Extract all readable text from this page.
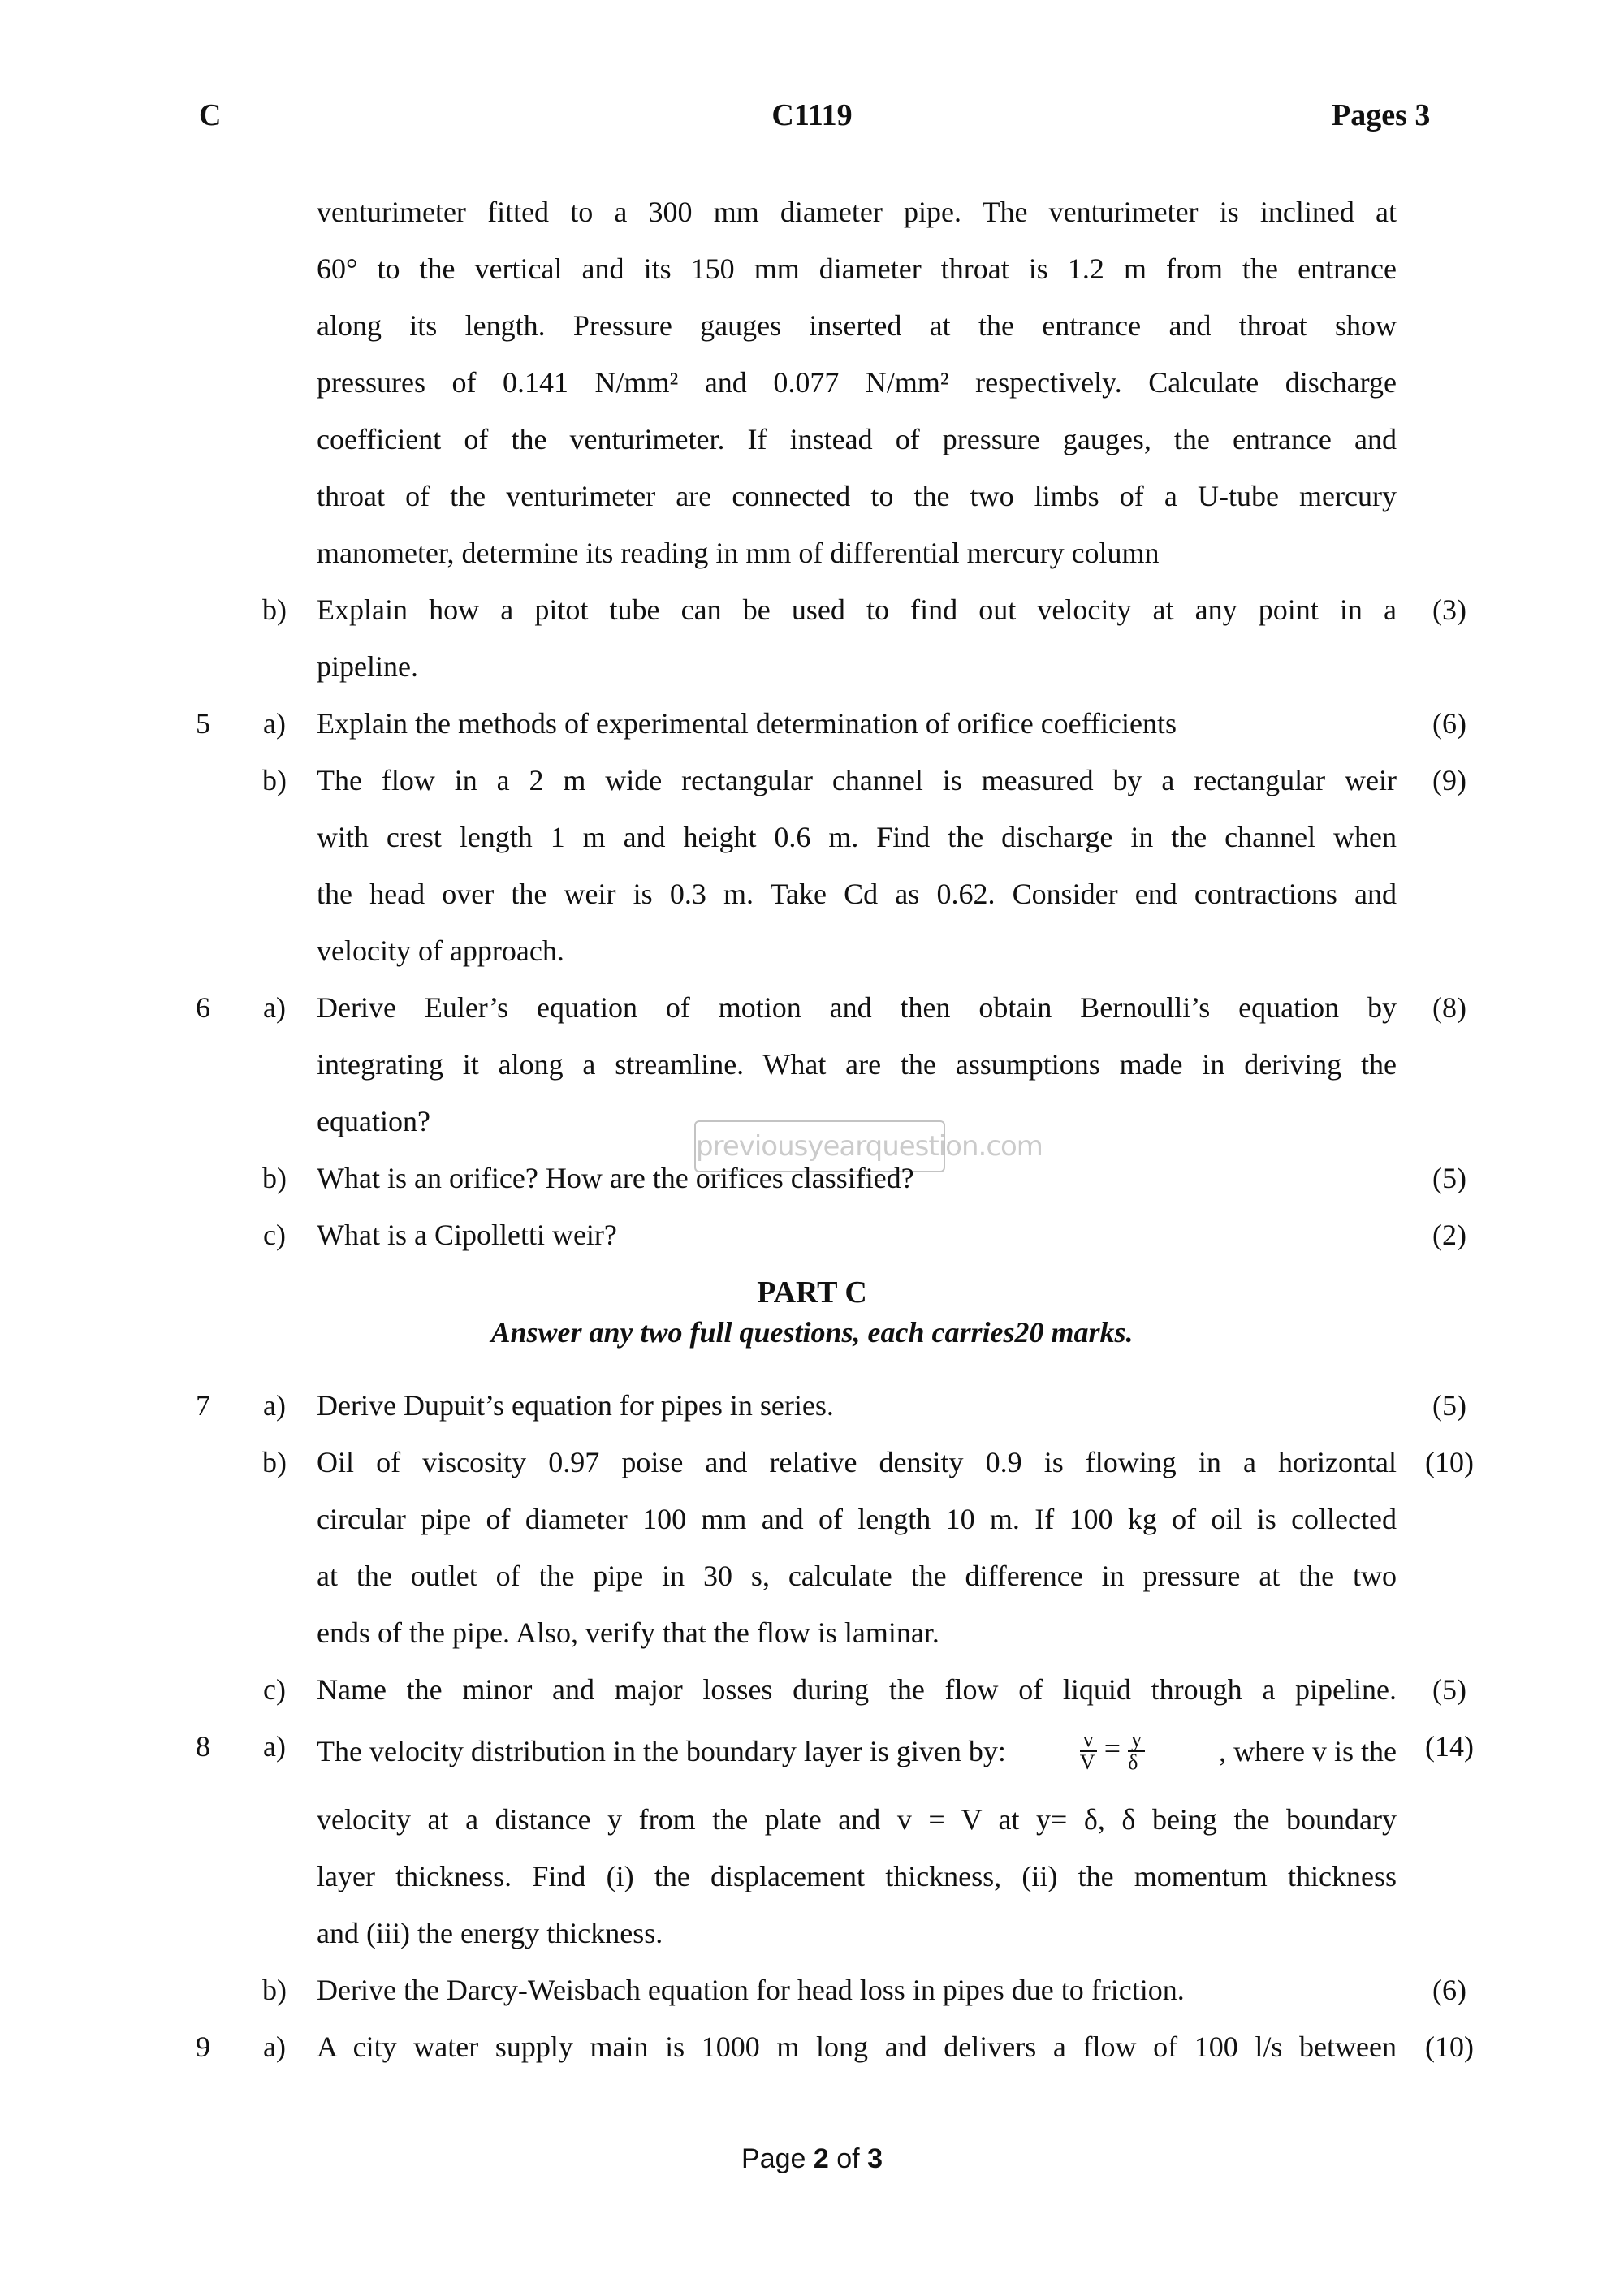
C	C1119	Pages 3
venturimeter fitted to a 300 mm diameter pipe. The venturimeter is inclined at
60° to the vertical and its 150 mm diameter throat is 1.2 m from the entrance
along its length. Pressure gauges inserted at the entrance and throat show
pressures of 0.141 N/mm² and 0.077 N/mm² respectively. Calculate discharge
coefficient of the venturimeter. If instead of pressure gauges, the entrance and
throat of the venturimeter are connected to the two limbs of a U-tube mercury
manometer, determine its reading in mm of differential mercury column
b) Explain how a pitot tube can be used to find out velocity at any point in a	(3)
pipeline.
5	a) Explain the methods of experimental determination of orifice coefficients	(6)
b) The flow in a 2 m wide rectangular channel is measured by a rectangular weir	(9)
with crest length 1 m and height 0.6 m. Find the discharge in the channel when
the head over the weir is 0.3 m. Take Cd as 0.62. Consider end contractions and
velocity of approach.
6	a) Derive Euler’s equation of motion and then obtain Bernoulli’s equation by	(8)
integrating it along a streamline. What are the assumptions made in deriving the
equation?
previousyearquestion.com
b) What is an orifice? How are the orifices classified?	(5)
c) What is a Cipolletti weir?	(2)
PART C
Answer any two full questions, each carries20 marks.
7	a) Derive Dupuit’s equation for pipes in series.	(5)
b) Oil of viscosity 0.97 poise and relative density 0.9 is flowing in a horizontal (10)
circular pipe of diameter 100 mm and of length 10 m. If 100 kg of oil is collected
at the outlet of the pipe in 30 s, calculate the difference in pressure at the two
ends of the pipe. Also, verify that the flow is laminar.
c) Name the minor and major losses during the flow of liquid through a pipeline.	(5)
8	a) The velocity distribution in the boundary layer is given by:	$\frac{v}{V} = \frac{y}{\delta}$	, where v is the (14)
velocity at a distance y from the plate and v = V at y= δ, δ being the boundary
layer thickness. Find (i) the displacement thickness, (ii) the momentum thickness
and (iii) the energy thickness.
b) Derive the Darcy-Weisbach equation for head loss in pipes due to friction.	(6)
9	a) A city water supply main is 1000 m long and delivers a flow of 100 l/s between (10)
Page 2 of 3
